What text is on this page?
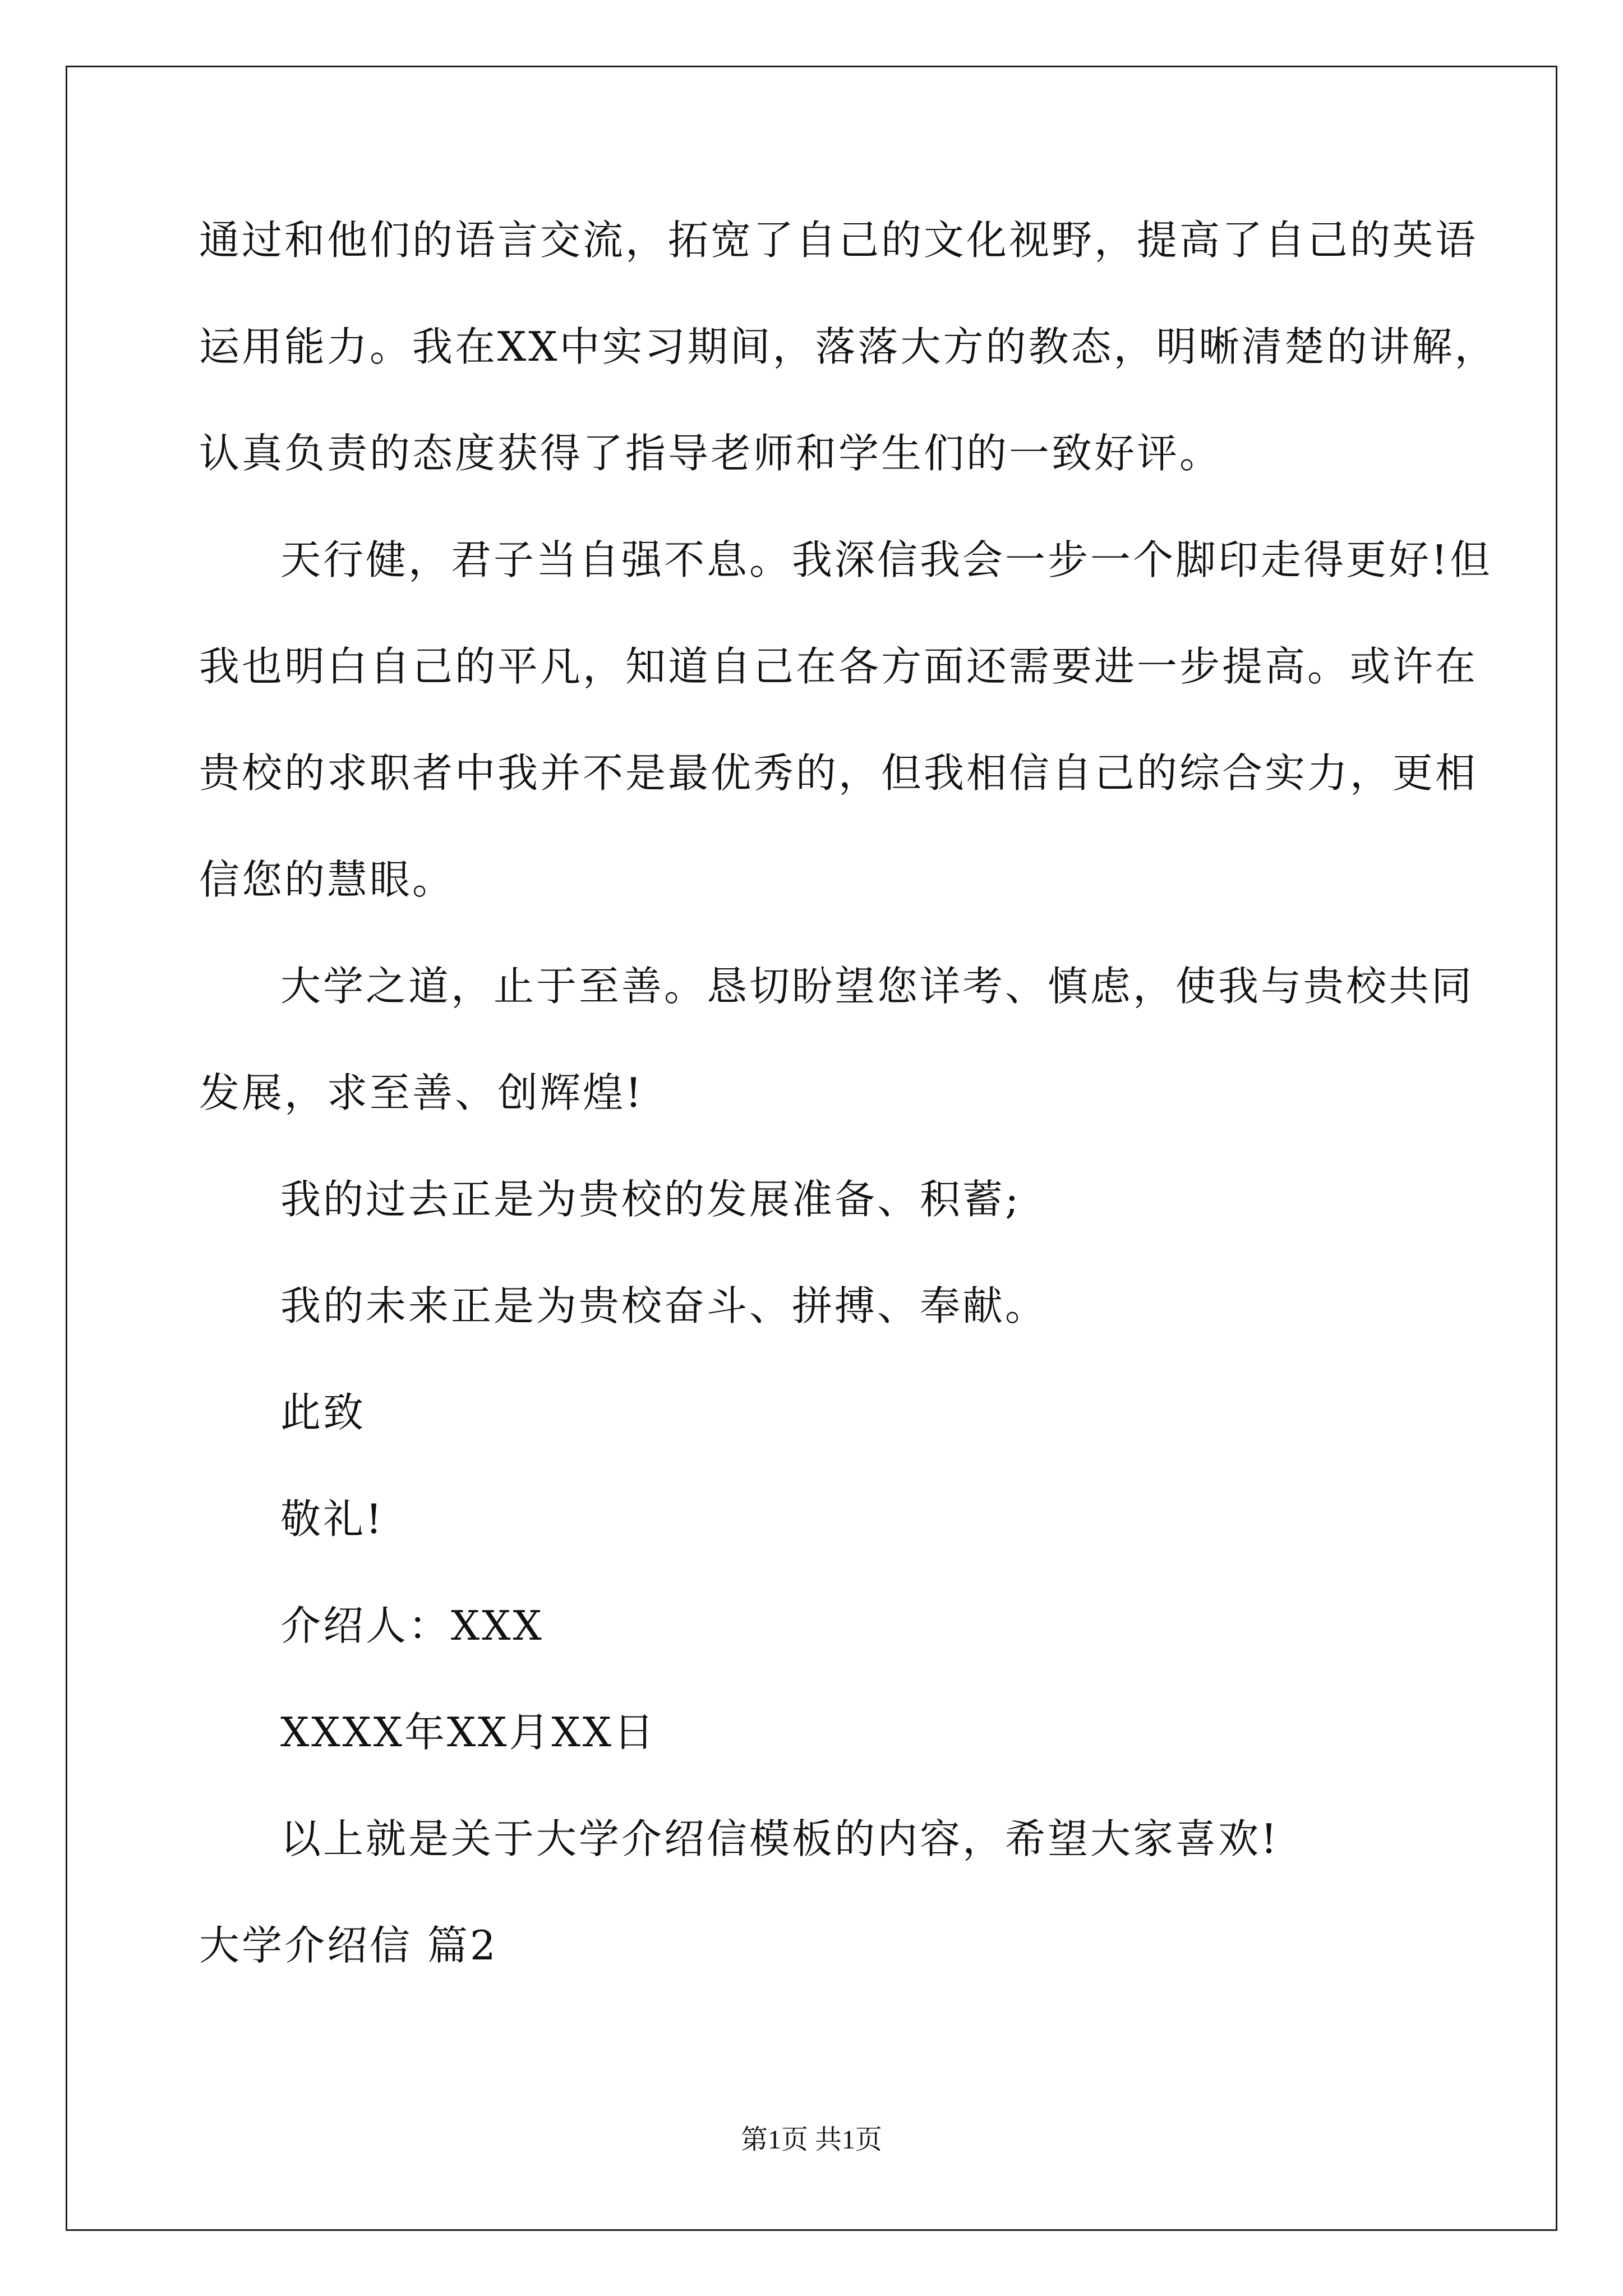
通过和他们的语言交流，拓宽了自己的文化视野，提高了自己的英语
运用能力。我在XX中实习期间，落落大方的教态，明晰清楚的讲解，
认真负责的态度获得了指导老师和学生们的一致好评。
天行健，君子当自强不息。我深信我会一步一个脚印走得更好!但
我也明白自己的平凡，知道自己在各方面还需要进一步提高。或许在
贵校的求职者中我并不是最优秀的，但我相信自己的综合实力，更相
信您的慧眼。
大学之道，止于至善。恳切盼望您详考、慎虑，使我与贵校共同
发展，求至善、创辉煌!
我的过去正是为贵校的发展准备、积蓄;
我的未来正是为贵校奋斗、拼搏、奉献。
此致
敬礼!
介绍人：XXX
XXXX年XX月XX日
以上就是关于大学介绍信模板的内容，希望大家喜欢!
大学介绍信 篇2
第1页 共1页
